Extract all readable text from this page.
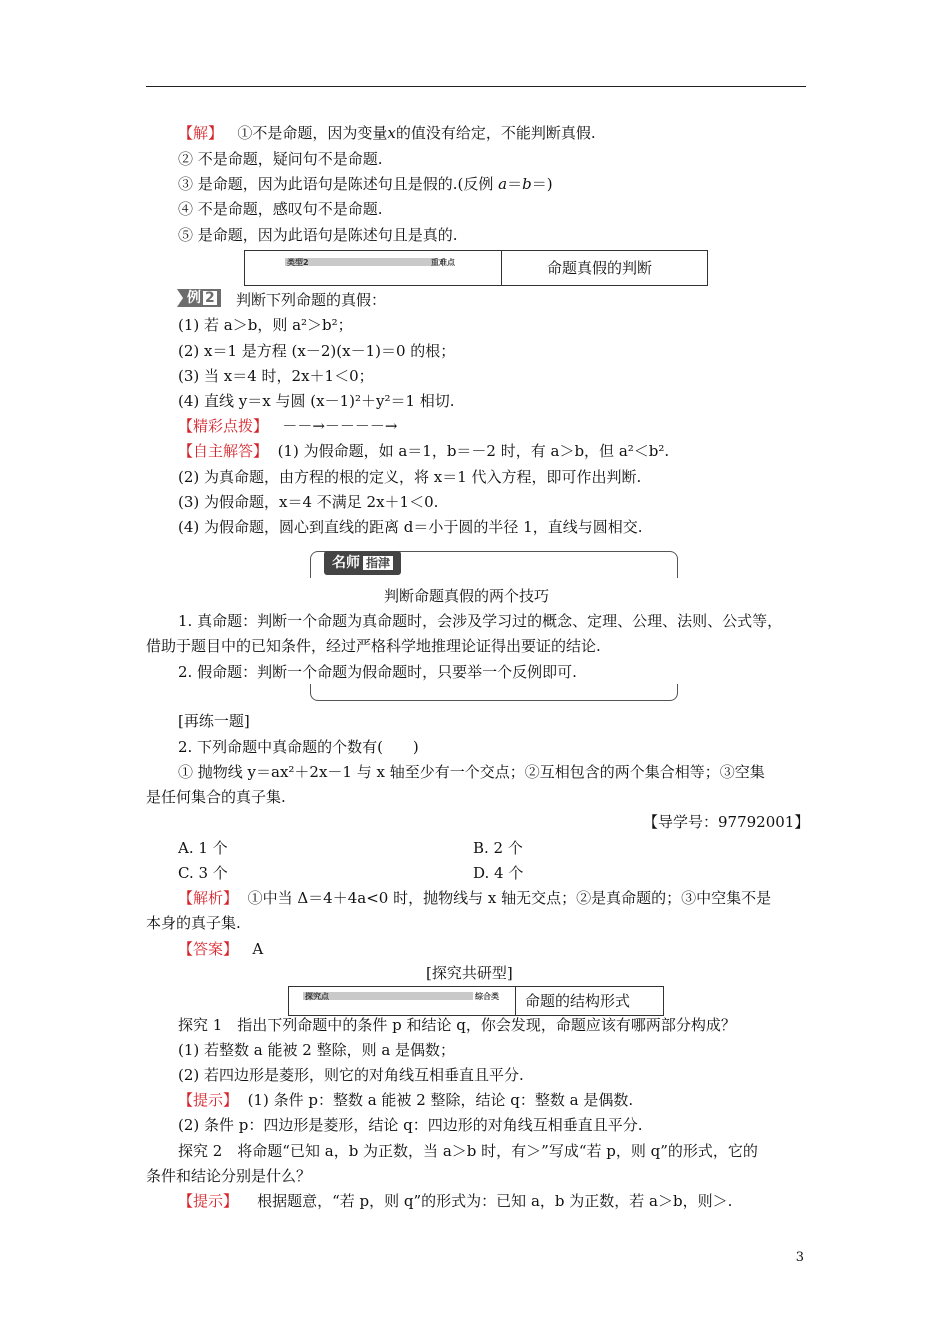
【解】 ①不是命题，因为变量x的值没有给定，不能判断真假.
② 不是命题，疑问句不是命题.
③ 是命题，因为此语句是陈述句且是假的.(反例 a＝b＝)
④ 不是命题，感叹句不是命题.
⑤ 是命题，因为此语句是陈述句且是真的.
类型2	重难点	命题真假的判断
例 2	判断下列命题的真假：
(1) 若 a＞b，则 a²＞b²；
(2) x＝1 是方程 (x－2)(x－1)＝0 的根；
(3) 当 x＝4 时，2x＋1＜0；
(4) 直线 y＝x 与圆 (x－1)²＋y²＝1 相切.
【精彩点拨】 －－→－－－－→
【自主解答】 (1) 为假命题，如 a＝1，b＝－2 时，有 a＞b，但 a²＜b².
(2) 为真命题，由方程的根的定义，将 x＝1 代入方程，即可作出判断.
(3) 为假命题，x＝4 不满足 2x＋1＜0.
(4) 为假命题，圆心到直线的距离 d＝小于圆的半径 1，直线与圆相交.
名师 指津
判断命题真假的两个技巧
1. 真命题：判断一个命题为真命题时，会涉及学习过的概念、定理、公理、法则、公式等，
借助于题目中的已知条件，经过严格科学地推理论证得出要证的结论.
2. 假命题：判断一个命题为假命题时，只要举一个反例即可.
[再练一题]
2. 下列命题中真命题的个数有(　　)
① 抛物线 y＝ax²＋2x－1 与 x 轴至少有一个交点；②互相包含的两个集合相等；③空集
是任何集合的真子集.
【导学号：97792001】
A. 1 个	B. 2 个
C. 3 个	D. 4 个
【解析】 ①中当 Δ＝4＋4a<0 时，抛物线与 x 轴无交点；②是真命题的；③中空集不是
本身的真子集.
【答案】 A
[探究共研型]
探究点	综合类 命题的结构形式
探究 1　指出下列命题中的条件 p 和结论 q，你会发现，命题应该有哪两部分构成？
(1) 若整数 a 能被 2 整除，则 a 是偶数；
(2) 若四边形是菱形，则它的对角线互相垂直且平分.
【提示】 (1) 条件 p：整数 a 能被 2 整除，结论 q：整数 a 是偶数.
(2) 条件 p：四边形是菱形，结论 q：四边形的对角线互相垂直且平分.
探究 2　将命题“已知 a，b 为正数，当 a＞b 时，有＞”写成“若 p，则 q”的形式，它的
条件和结论分别是什么？
【提示】 根据题意，“若 p，则 q”的形式为：已知 a，b 为正数，若 a＞b，则＞.
3
